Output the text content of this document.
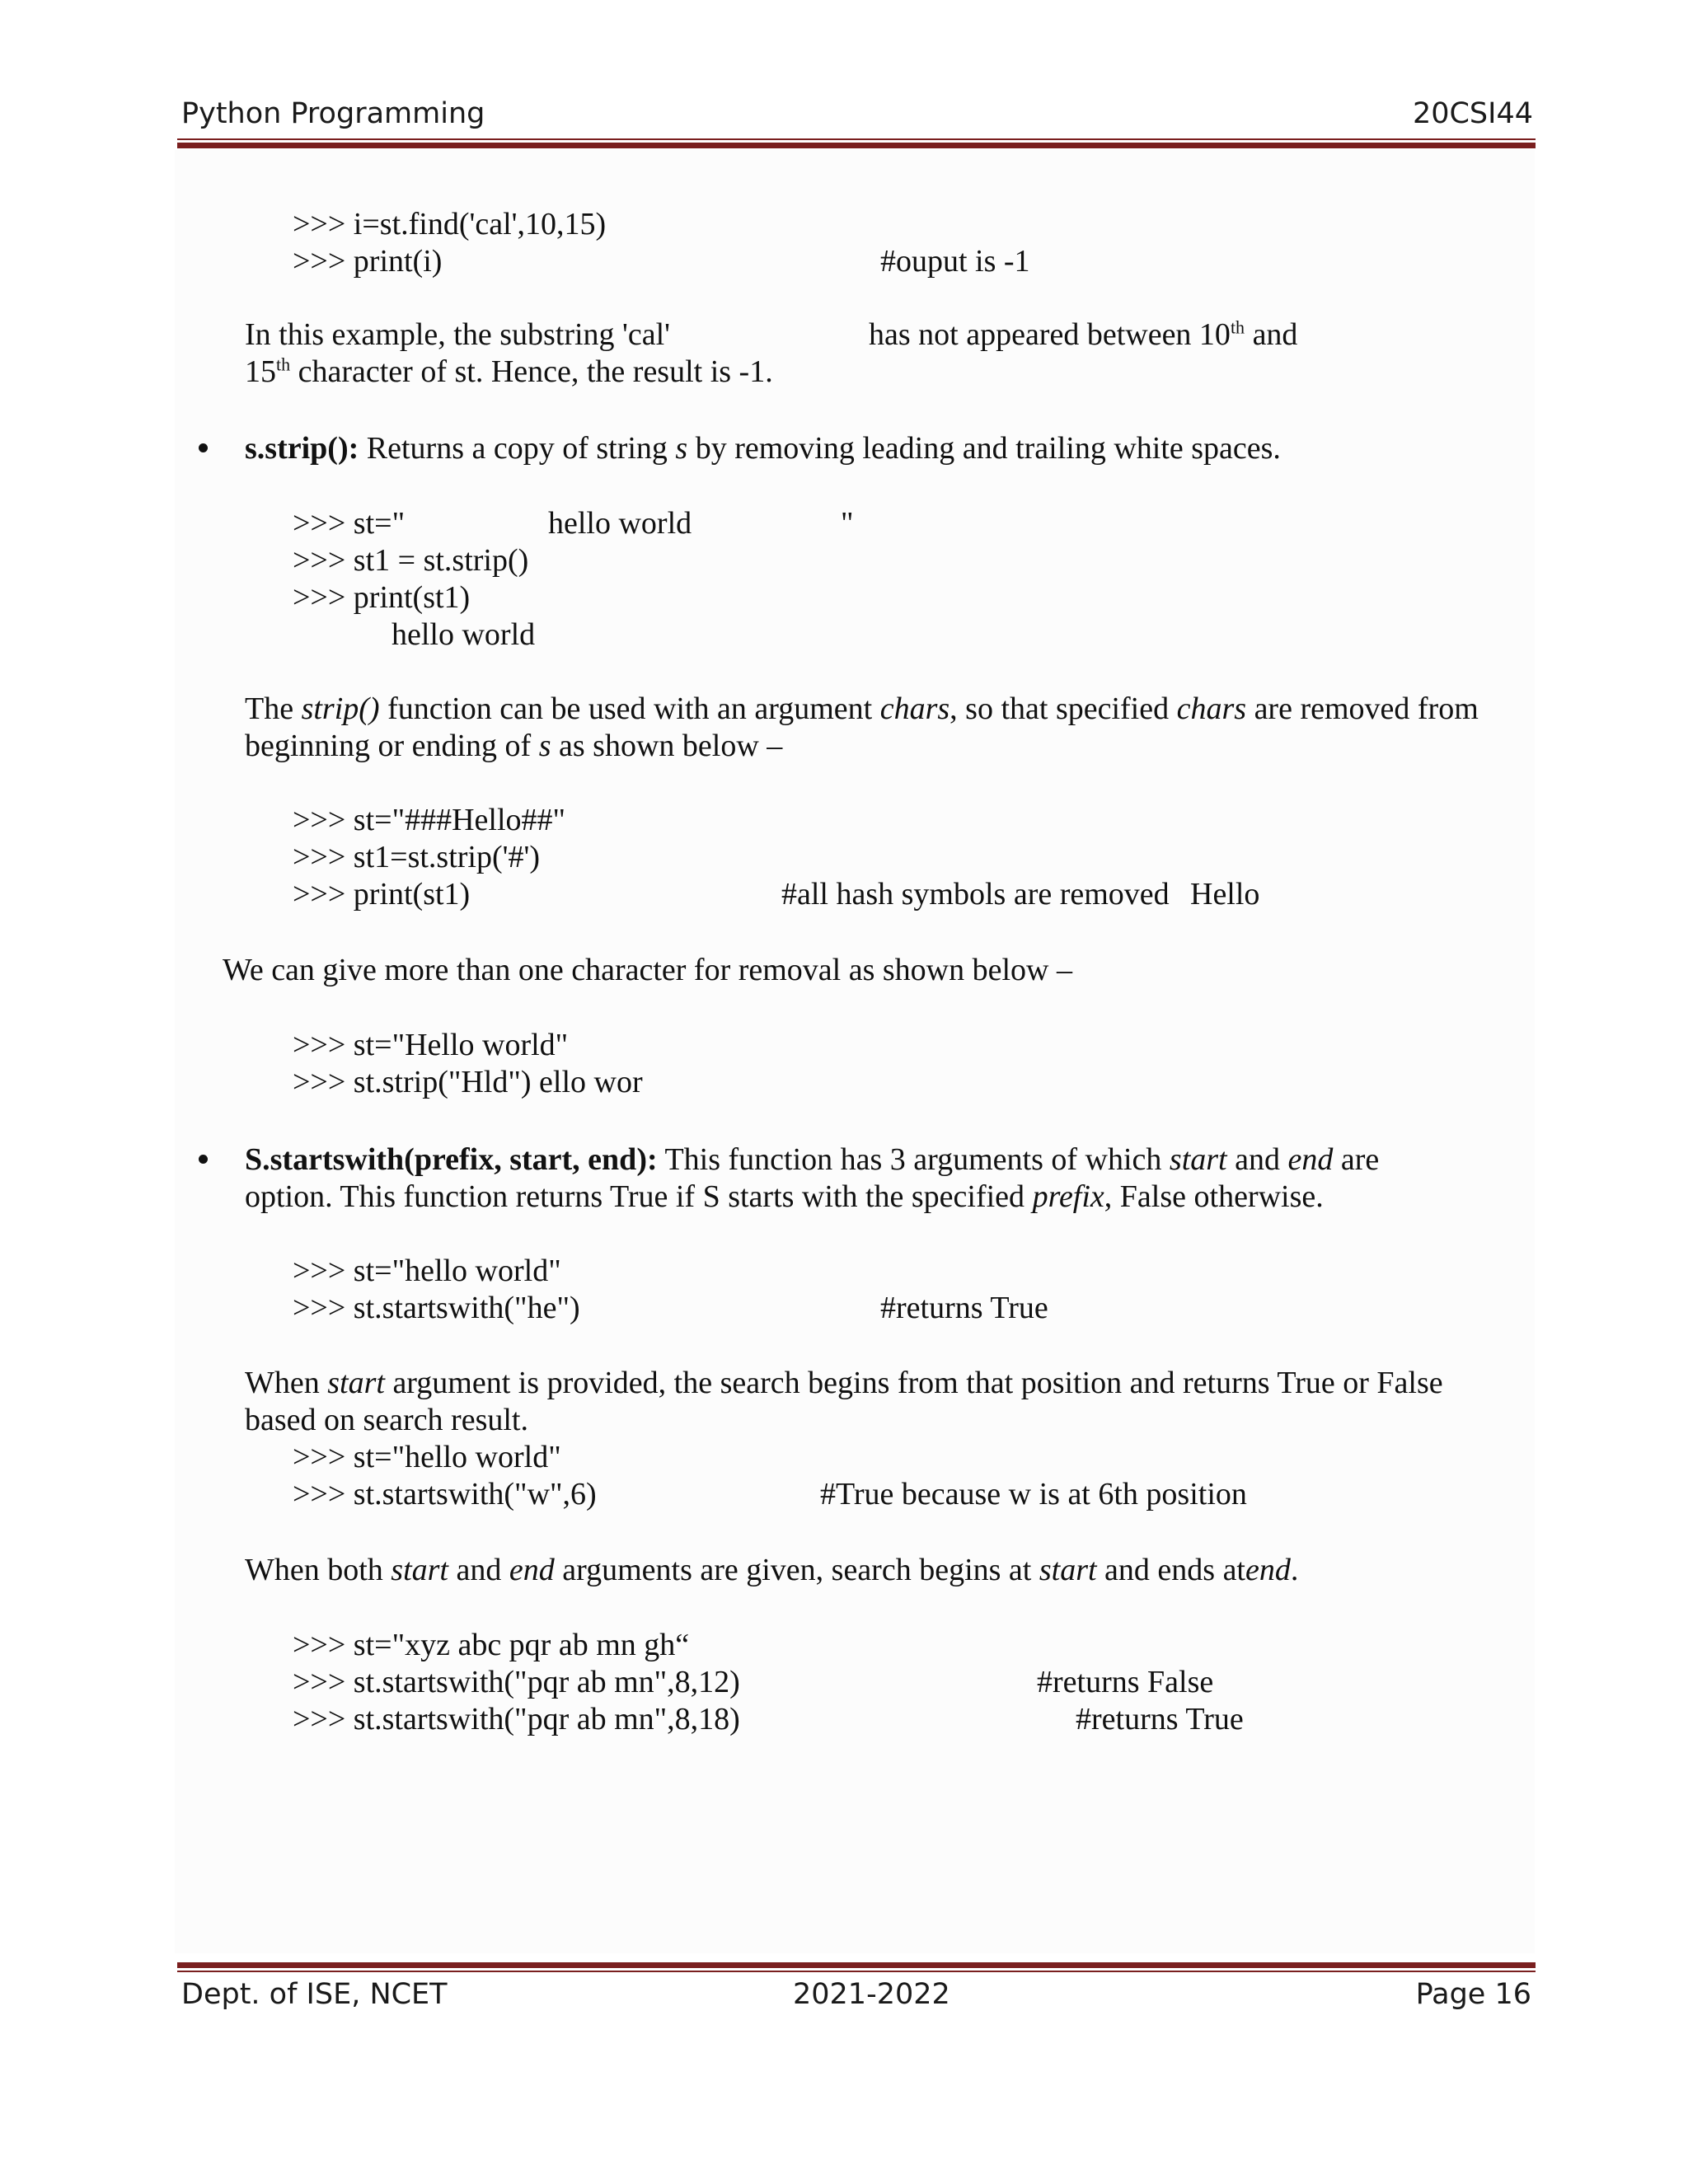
Python Programming	20CSI44
>>> i=st.find('cal',10,15)
>>> print(i)	#ouput is -1
In this example, the substring 'cal'	has not appeared between 10th and
15th character of st. Hence, the result is -1.
s.strip(): Returns a copy of string s by removing leading and trailing white spaces.
>>> st="	hello world	"
>>> st1 = st.strip()
>>> print(st1)
hello world
The strip() function can be used with an argument chars, so that specified chars are removed from
beginning or ending of s as shown below –
>>> st="###Hello##"
>>> st1=st.strip('#')
>>> print(st1)	#all hash symbols are removed Hello
We can give more than one character for removal as shown below –
>>> st="Hello world"
>>> st.strip("Hld") ello wor
S.startswith(prefix, start, end): This function has 3 arguments of which start and end are
option. This function returns True if S starts with the specified prefix, False otherwise.
>>> st="hello world"
>>> st.startswith("he")	#returns True
When start argument is provided, the search begins from that position and returns True or False
based on search result.
>>> st="hello world"
>>> st.startswith("w",6)	#True because w is at 6th position
When both start and end arguments are given, search begins at start and ends atend.
>>> st="xyz abc pqr ab mn gh“
>>> st.startswith("pqr ab mn",8,12)	#returns False
>>> st.startswith("pqr ab mn",8,18)	#returns True
Dept. of ISE, NCET	2021-2022	Page 16
